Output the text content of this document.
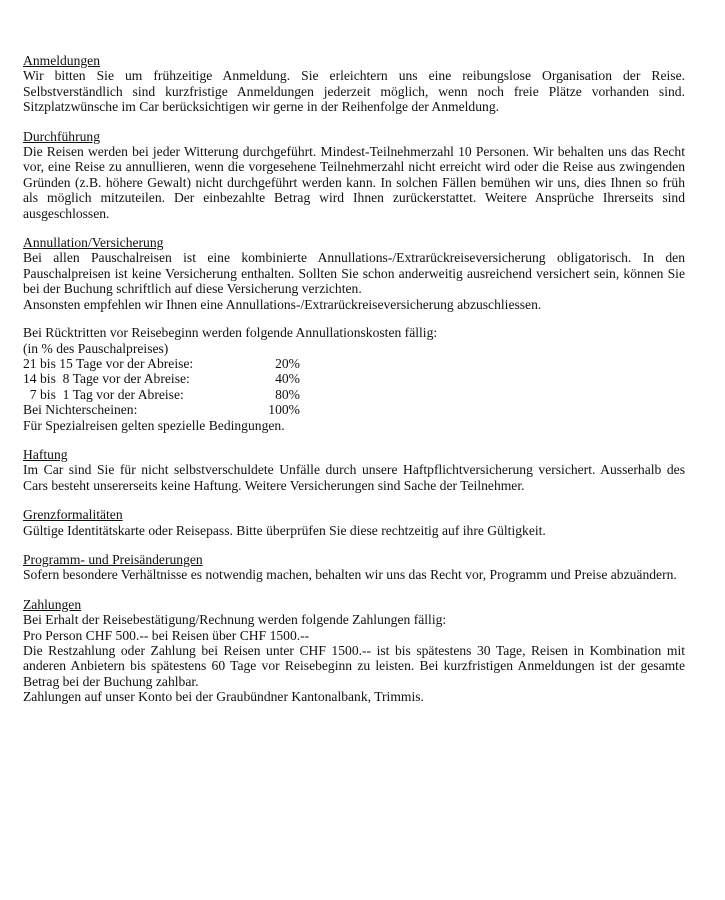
Anmeldungen

Wir bitten Sie um frühzeitige Anmeldung. Sie erleichtern uns eine reibungslose Organisation der Reise. Selbstverständlich sind kurzfristige Anmeldungen jederzeit möglich, wenn noch freie Plätze vorhanden sind. Sitzplatzwünsche im Car berücksichtigen wir gerne in der Reihenfolge der Anmeldung.

Durchführung

Die Reisen werden bei jeder Witterung durchgeführt. Mindest-Teilnehmerzahl 10 Personen. Wir behalten uns das Recht vor, eine Reise zu annullieren, wenn die vorgesehene Teilnehmerzahl nicht erreicht wird oder die Reise aus zwingenden Gründen (z.B. höhere Gewalt) nicht durchgeführt werden kann. In solchen Fällen bemühen wir uns, dies Ihnen so früh als möglich mitzuteilen. Der einbezahlte Betrag wird Ihnen zurückerstattet. Weitere Ansprüche Ihrerseits sind ausgeschlossen.

Annullation/Versicherung

Bei allen Pauschalreisen ist eine kombinierte Annullations-/Extrarückreiseversicherung obligatorisch. In den Pauschalpreisen ist keine Versicherung enthalten. Sollten Sie schon anderweitig ausreichend versichert sein, können Sie bei der Buchung schriftlich auf diese Versicherung verzichten.

Ansonsten empfehlen wir Ihnen eine Annullations-/Extrarückreiseversicherung abzuschliessen.
Bei Rücktritten vor Reisebeginn werden folgende Annullationskosten fällig:
(in % des Pauschalpreises)
21 bis 15 Tage vor der Abreise:	20%
14 bis  8 Tage vor der Abreise:	40%
7 bis  1 Tag vor der Abreise:	80%
Bei Nichterscheinen:	100%
Für Spezialreisen gelten spezielle Bedingungen.
Haftung

Im Car sind Sie für nicht selbstverschuldete Unfälle durch unsere Haftpflichtversicherung versichert. Ausserhalb des Cars besteht unsererseits keine Haftung. Weitere Versicherungen sind Sache der Teilnehmer.

Grenzformalitäten

Gültige Identitätskarte oder Reisepass. Bitte überprüfen Sie diese rechtzeitig auf ihre Gültigkeit.

Programm- und Preisänderungen

Sofern besondere Verhältnisse es notwendig machen, behalten wir uns das Recht vor, Programm und Preise abzuändern.

Zahlungen
Bei Erhalt der Reisebestätigung/Rechnung werden folgende Zahlungen fällig:
Pro Person CHF 500.-- bei Reisen über CHF 1500.--

Die Restzahlung oder Zahlung bei Reisen unter CHF 1500.-- ist bis spätestens 30 Tage, Reisen in Kombination mit anderen Anbietern bis spätestens 60 Tage vor Reisebeginn zu leisten. Bei kurzfristigen Anmeldungen ist der gesamte Betrag bei der Buchung zahlbar.

Zahlungen auf unser Konto bei der Graubündner Kantonalbank, Trimmis.
